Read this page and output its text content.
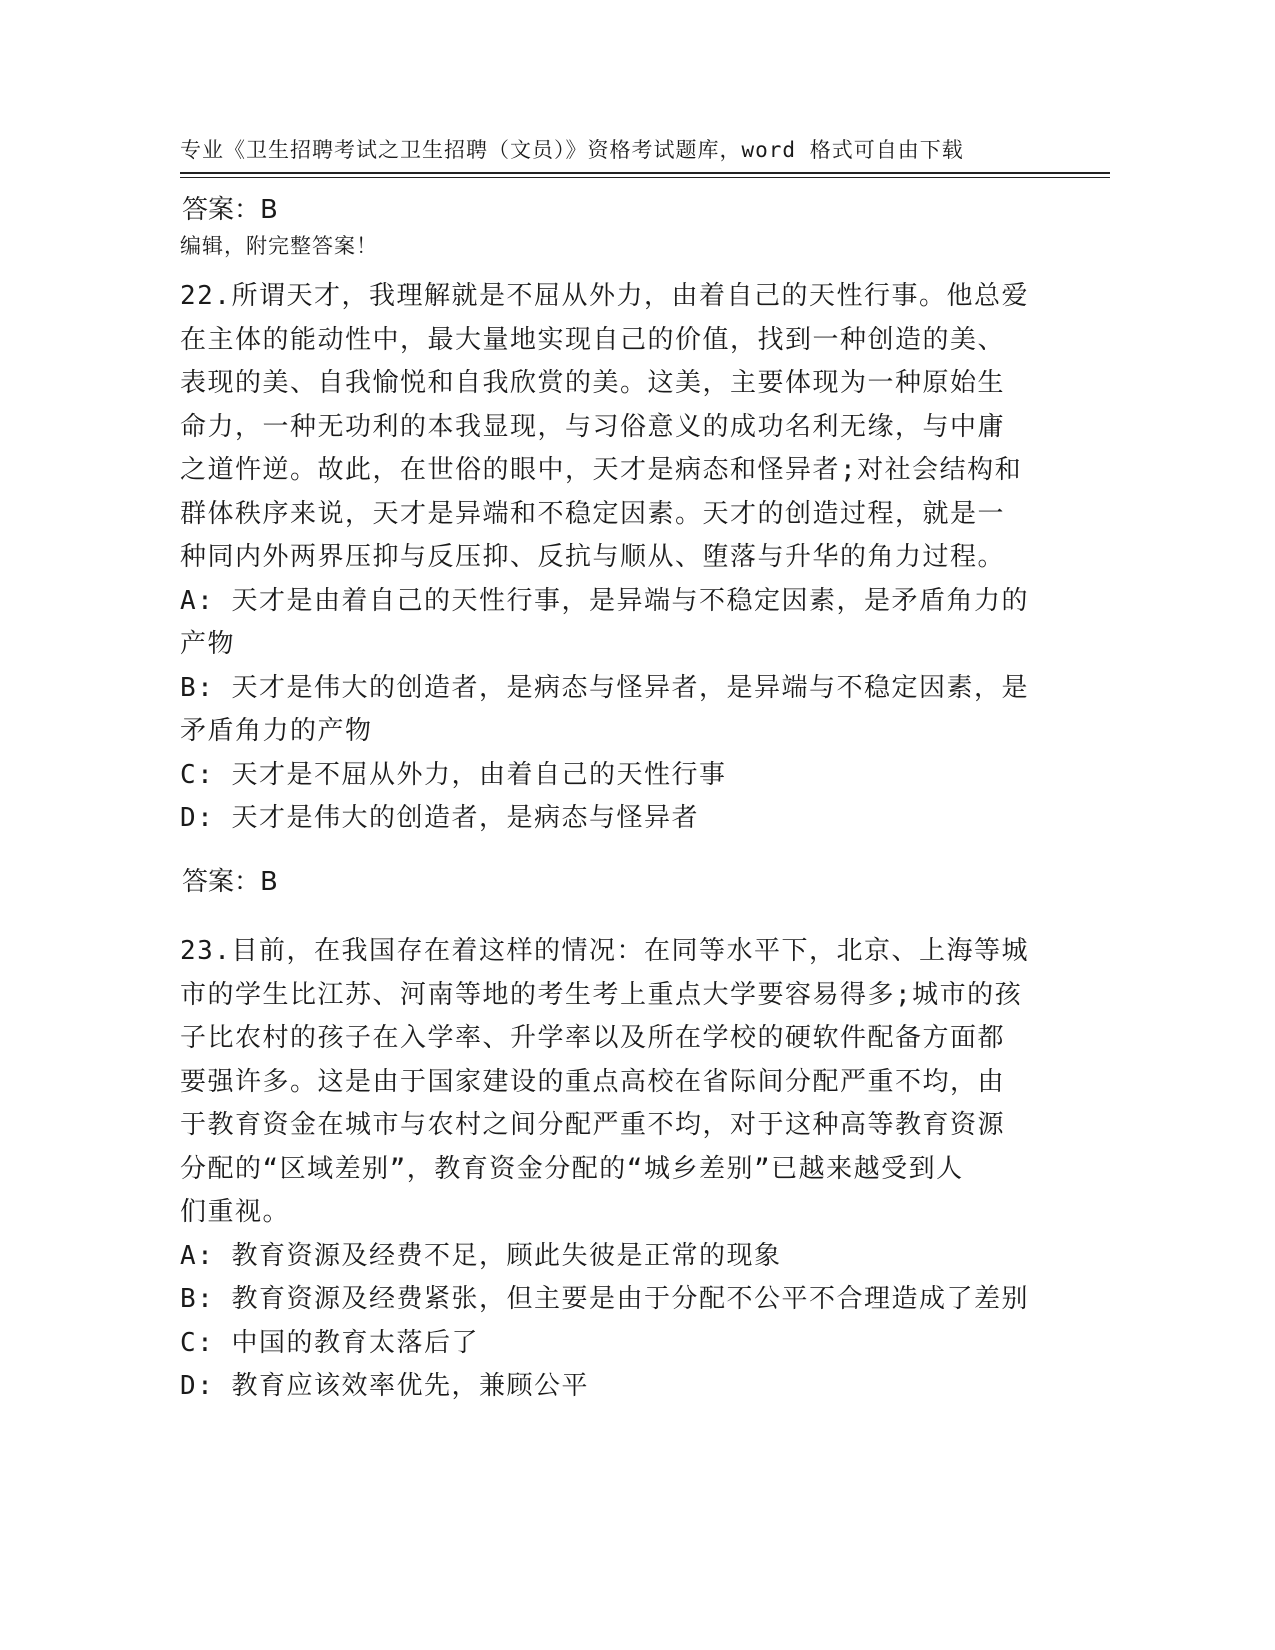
专业《卫生招聘考试之卫生招聘（文员）》资格考试题库，word 格式可自由下载

编辑，附完整答案！

答案：B
22.所谓天才，我理解就是不屈从外力，由着自己的天性行事。他总爱
在主体的能动性中，最大量地实现自己的价值，找到一种创造的美、
表现的美、自我愉悦和自我欣赏的美。这美，主要体现为一种原始生
命力，一种无功利的本我显现，与习俗意义的成功名利无缘，与中庸
之道忤逆。故此，在世俗的眼中，天才是病态和怪异者;对社会结构和
群体秩序来说，天才是异端和不稳定因素。天才的创造过程，就是一
种同内外两界压抑与反压抑、反抗与顺从、堕落与升华的角力过程。
A: 天才是由着自己的天性行事，是异端与不稳定因素，是矛盾角力的
产物
B: 天才是伟大的创造者，是病态与怪异者，是异端与不稳定因素，是
矛盾角力的产物
C: 天才是不屈从外力，由着自己的天性行事
D: 天才是伟大的创造者，是病态与怪异者
答案：B
23.目前，在我国存在着这样的情况：在同等水平下，北京、上海等城
市的学生比江苏、河南等地的考生考上重点大学要容易得多;城市的孩
子比农村的孩子在入学率、升学率以及所在学校的硬软件配备方面都
要强许多。这是由于国家建设的重点高校在省际间分配严重不均，由
于教育资金在城市与农村之间分配严重不均，对于这种高等教育资源
分配的“区域差别”，教育资金分配的“城乡差别”已越来越受到人
们重视。
A: 教育资源及经费不足，顾此失彼是正常的现象
B: 教育资源及经费紧张，但主要是由于分配不公平不合理造成了差别
C: 中国的教育太落后了
D: 教育应该效率优先，兼顾公平
